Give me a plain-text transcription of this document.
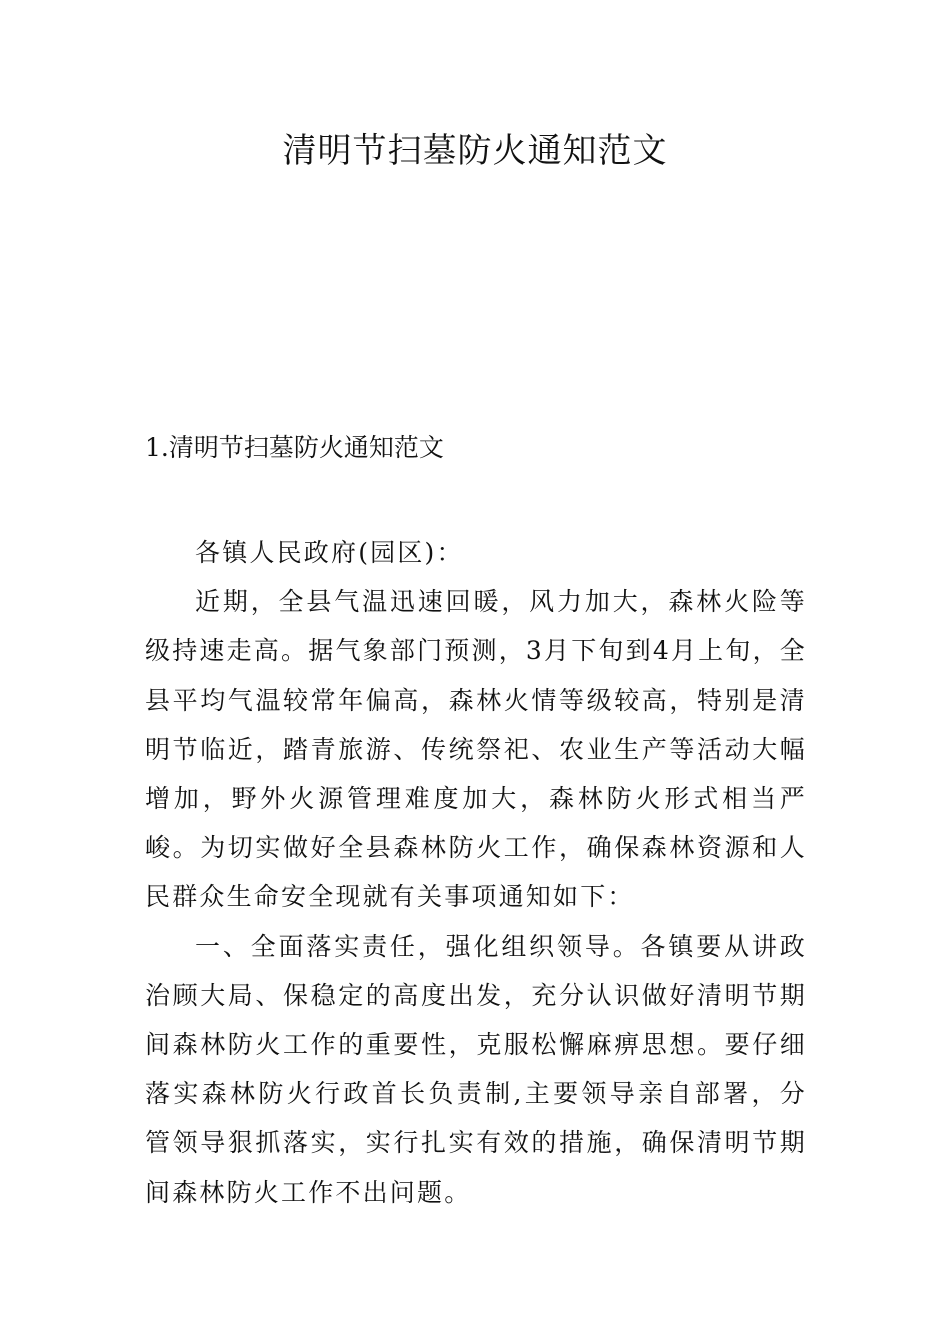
清明节扫墓防火通知范文
1.清明节扫墓防火通知范文

各镇人民政府(园区)：

近期，全县气温迅速回暖，风力加大，森林火险等级持速走高。据气象部门预测，3月下旬到4月上旬，全县平均气温较常年偏高，森林火情等级较高，特别是清明节临近，踏青旅游、传统祭祀、农业生产等活动大幅增加，野外火源管理难度加大，森林防火形式相当严峻。为切实做好全县森林防火工作，确保森林资源和人民群众生命安全现就有关事项通知如下：

一、全面落实责任，强化组织领导。各镇要从讲政治顾大局、保稳定的高度出发，充分认识做好清明节期间森林防火工作的重要性，克服松懈麻痹思想。要仔细落实森林防火行政首长负责制,主要领导亲自部署，分管领导狠抓落实，实行扎实有效的措施，确保清明节期间森林防火工作不出问题。
